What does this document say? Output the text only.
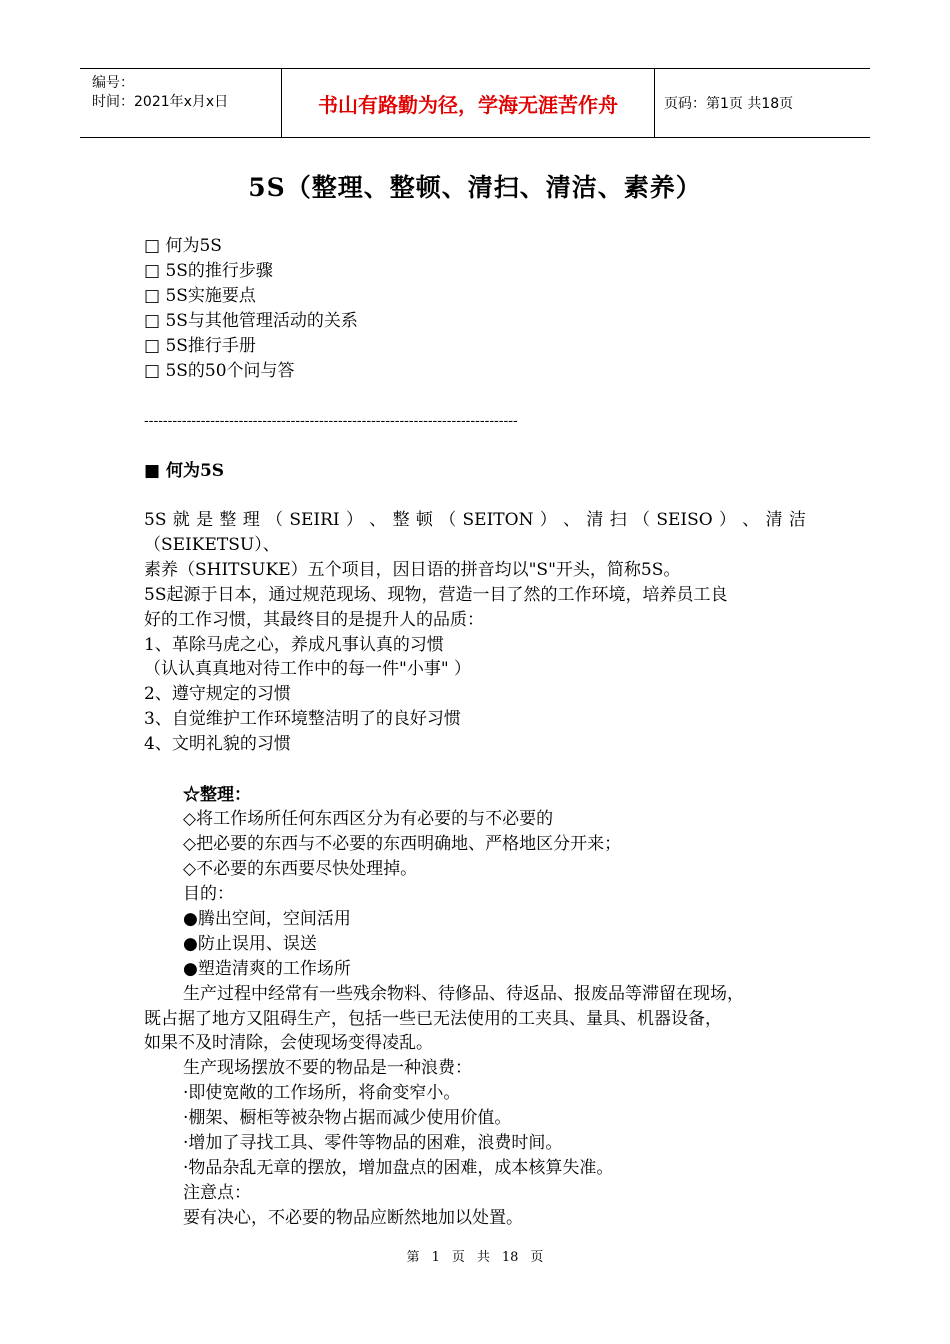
编号：
时间：2021年x月x日	书山有路勤为径，学海无涯苦作舟	页码：第1页 共18页
5S（整理、整顿、清扫、清洁、素养）
□ 何为5S
□ 5S的推行步骤
□ 5S实施要点
□ 5S与其他管理活动的关系
□ 5S推行手册
□ 5S的50个问与答
-------------------------------------------------------------------------------
■ 何为5S
5S 就 是 整 理 （ SEIRI ） 、 整 顿 （ SEITON ） 、 清 扫 （ SEISO ） 、 清 洁
（SEIKETSU）、
素养（SHITSUKE）五个项目，因日语的拼音均以"S"开头，简称5S。
5S起源于日本，通过规范现场、现物，营造一目了然的工作环境，培养员工良
好的工作习惯，其最终目的是提升人的品质：
1、革除马虎之心，养成凡事认真的习惯
（认认真真地对待工作中的每一件"小事" ）
2、遵守规定的习惯
3、自觉维护工作环境整洁明了的良好习惯
4、文明礼貌的习惯
☆整理：
◇将工作场所任何东西区分为有必要的与不必要的
◇把必要的东西与不必要的东西明确地、严格地区分开来；
◇不必要的东西要尽快处理掉。
目的：
●腾出空间，空间活用
●防止误用、误送
●塑造清爽的工作场所
生产过程中经常有一些残余物料、待修品、待返品、报废品等滞留在现场，
既占据了地方又阻碍生产，包括一些已无法使用的工夹具、量具、机器设备，
如果不及时清除，会使现场变得凌乱。
生产现场摆放不要的物品是一种浪费：
·即使宽敞的工作场所，将俞变窄小。
·棚架、橱柜等被杂物占据而减少使用价值。
·增加了寻找工具、零件等物品的困难，浪费时间。
·物品杂乱无章的摆放，增加盘点的困难，成本核算失准。
注意点：
要有决心，不必要的物品应断然地加以处置。
第 1 页 共 18 页
